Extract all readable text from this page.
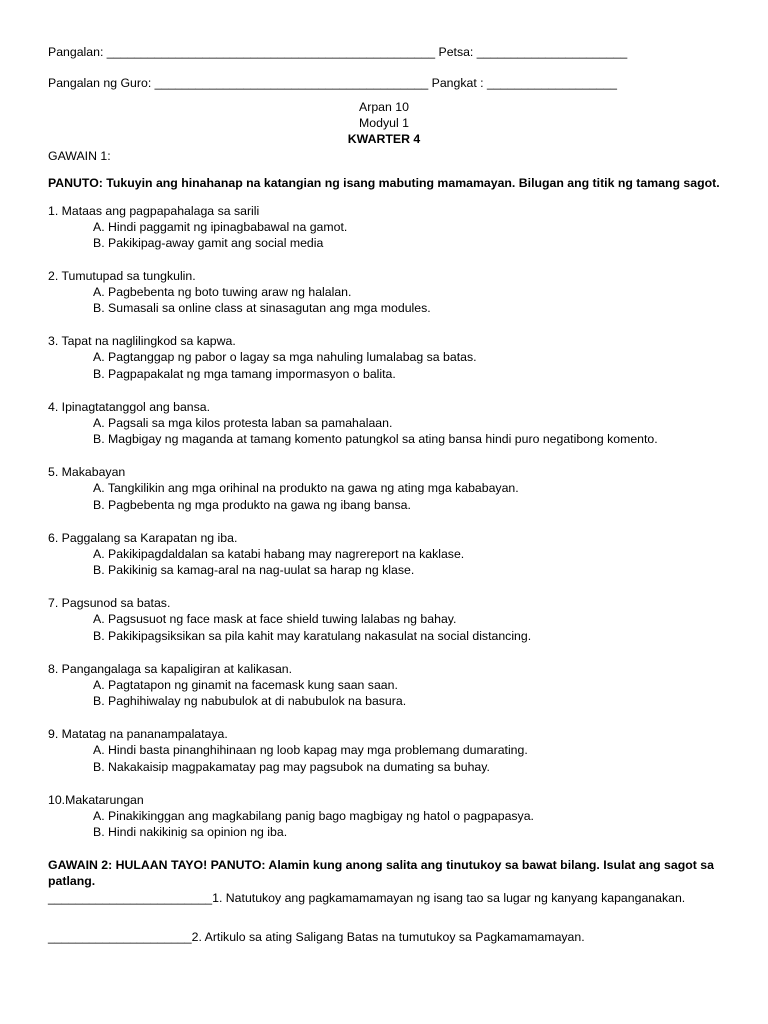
Pangalan: ________________________________________________ Petsa: ______________________
Pangalan ng Guro: ________________________________________ Pangkat : ___________________
Arpan 10
Modyul 1
KWARTER 4
GAWAIN 1:
PANUTO: Tukuyin ang hinahanap na katangian ng isang mabuting mamamayan. Bilugan ang titik ng tamang sagot.
1. Mataas ang pagpapahalaga sa sarili
A. Hindi paggamit ng ipinagbabawal na gamot.
B. Pakikipag-away gamit ang social media
2. Tumutupad sa tungkulin.
A. Pagbebenta ng boto tuwing araw ng halalan.
B. Sumasali sa online class at sinasagutan ang mga modules.
3. Tapat na naglilingkod sa kapwa.
A. Pagtanggap ng pabor o lagay sa mga nahuling lumalabag sa batas.
B. Pagpapakalat ng mga tamang impormasyon o balita.
4. Ipinagtatanggol ang bansa.
A. Pagsali sa mga kilos protesta laban sa pamahalaan.
B. Magbigay ng maganda at tamang komento patungkol sa ating bansa hindi puro negatibong komento.
5. Makabayan
A. Tangkilikin ang mga orihinal na produkto na gawa ng ating mga kababayan.
B. Pagbebenta ng mga produkto na gawa ng ibang bansa.
6. Paggalang sa Karapatan ng iba.
A. Pakikipagdaldalan sa katabi habang may nagrereport na kaklase.
B. Pakikinig sa kamag-aral na nag-uulat sa harap ng klase.
7. Pagsunod sa batas.
A. Pagsusuot ng face mask at face shield tuwing lalabas ng bahay.
B. Pakikipagsiksikan sa pila kahit may karatulang nakasulat na social distancing.
8. Pangangalaga sa kapaligiran at kalikasan.
A. Pagtatapon ng ginamit na facemask kung saan saan.
B. Paghihiwalay ng nabubulok at di nabubulok na basura.
9. Matatag na pananampalataya.
A. Hindi basta pinanghihinaan ng loob kapag may mga problemang dumarating.
B. Nakakaisip magpakamatay pag may pagsubok na dumating sa buhay.
10.Makatarungan
A. Pinakikinggan ang magkabilang panig bago magbigay ng hatol o pagpapasya.
B. Hindi nakikinig sa opinion ng iba.
GAWAIN 2: HULAAN TAYO! PANUTO: Alamin kung anong salita ang tinutukoy sa bawat bilang. Isulat ang sagot sa
patlang.
________________________1. Natutukoy ang pagkamamamayan ng isang tao sa lugar ng kanyang kapanganakan.
_____________________2. Artikulo sa ating Saligang Batas na tumutukoy sa Pagkamamamayan.
